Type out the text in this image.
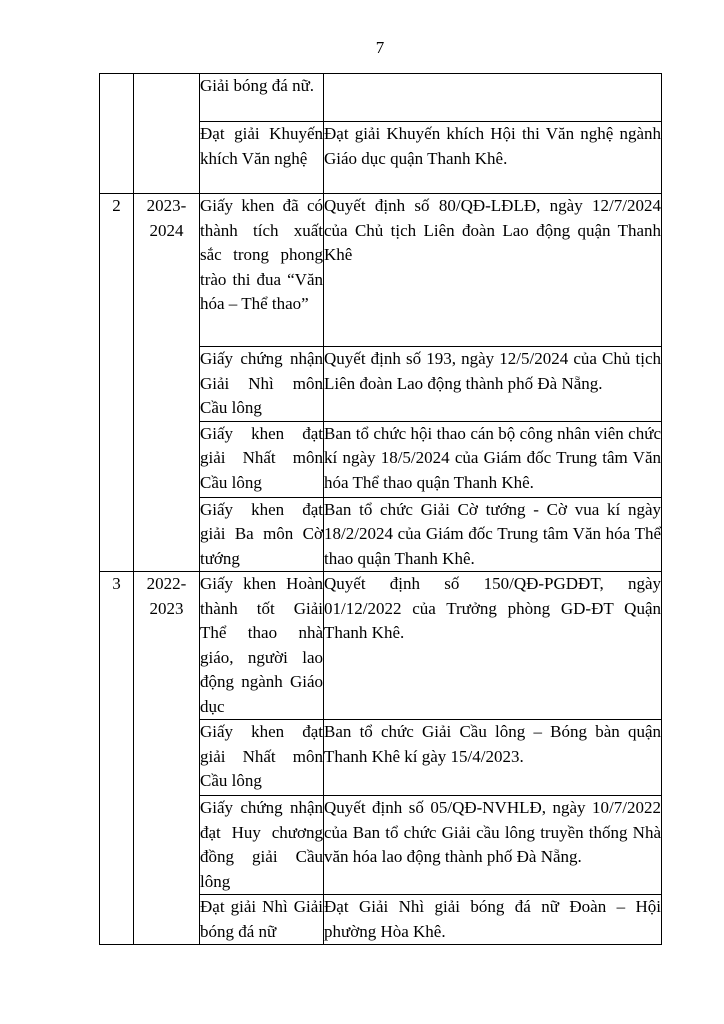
7
		Giải bóng đá nữ.	
		Đạt giải Khuyến khích Văn nghệ	Đạt giải Khuyến khích Hội thi Văn nghệ ngành Giáo dục quận Thanh Khê.
2	2023-2024	Giấy khen đã có thành tích xuất sắc trong phong trào thi đua “Văn hóa – Thể thao”	Quyết định số 80/QĐ-LĐLĐ, ngày 12/7/2024 của Chủ tịch Liên đoàn Lao động quận Thanh Khê
		Giấy chứng nhận Giải Nhì môn Cầu lông	Quyết định số 193, ngày 12/5/2024 của Chủ tịch Liên đoàn Lao động thành phố Đà Nẵng.
		Giấy khen đạt giải Nhất môn Cầu lông	Ban tổ chức hội thao cán bộ công nhân viên chức kí ngày 18/5/2024 của Giám đốc Trung tâm Văn hóa Thể thao quận Thanh Khê.
		Giấy khen đạt giải Ba môn Cờ tướng	Ban tổ chức Giải Cờ tướng - Cờ vua kí ngày 18/2/2024 của Giám đốc Trung tâm Văn hóa Thể thao quận Thanh Khê.
3	2022-2023	Giấy khen Hoàn thành tốt Giải Thể thao nhà giáo, người lao động ngành Giáo dục	Quyết định số 150/QĐ-PGDĐT, ngày 01/12/2022 của Trưởng phòng GD-ĐT Quận Thanh Khê.
		Giấy khen đạt giải Nhất môn Cầu lông	Ban tổ chức Giải Cầu lông – Bóng bàn quận Thanh Khê kí gày 15/4/2023.
		Giấy chứng nhận đạt Huy chương đồng giải Cầu lông	Quyết định số 05/QĐ-NVHLĐ, ngày 10/7/2022 của Ban tổ chức Giải cầu lông truyền thống Nhà văn hóa lao động thành phố Đà Nẵng.
		Đạt giải Nhì Giải bóng đá nữ	Đạt Giải Nhì giải bóng đá nữ Đoàn – Hội phường Hòa Khê.
